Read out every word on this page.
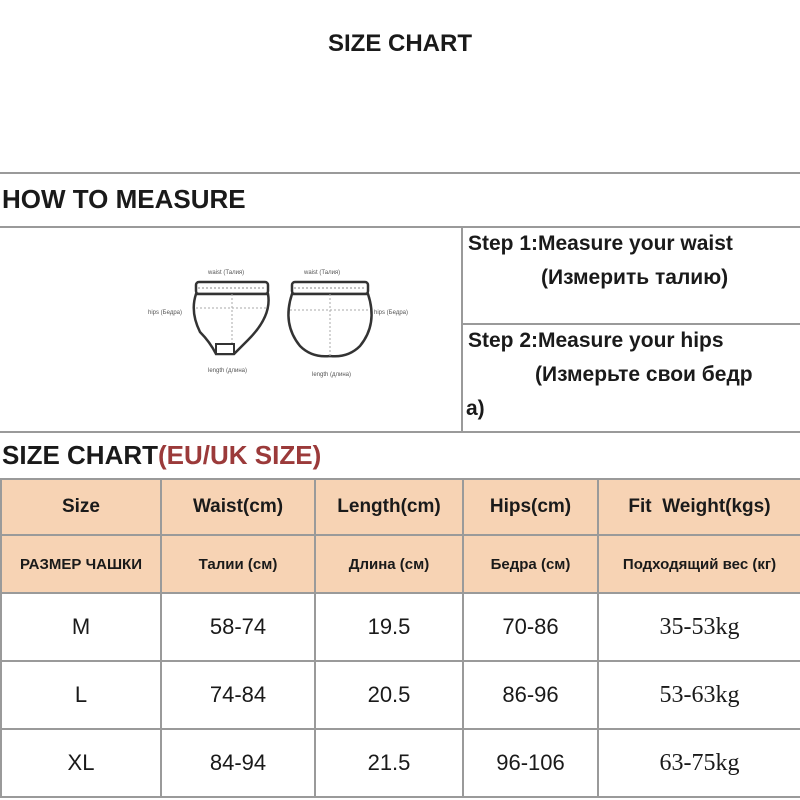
SIZE CHART
HOW TO MEASURE
waist (Талия)	waist (Талия)
hips (Бедра)	hips (Бедра)
length (длина)
length (длина)
Step 1:Measure your waist
(Измерить талию)
Step 2:Measure your hips
(Измерьте свои бедр
а)
SIZE CHART(EU/UK SIZE)
Size	Waist(cm)	Length(cm)	Hips(cm)	Fit  Weight(kgs)
РАЗМЕР ЧАШКИ	Талии (см)	Длина (см)	Бедра (см)	Подходящий вес (кг)
M	58-74	19.5	70-86	35-53kg
L	74-84	20.5	86-96	53-63kg
XL	84-94	21.5	96-106	63-75kg
